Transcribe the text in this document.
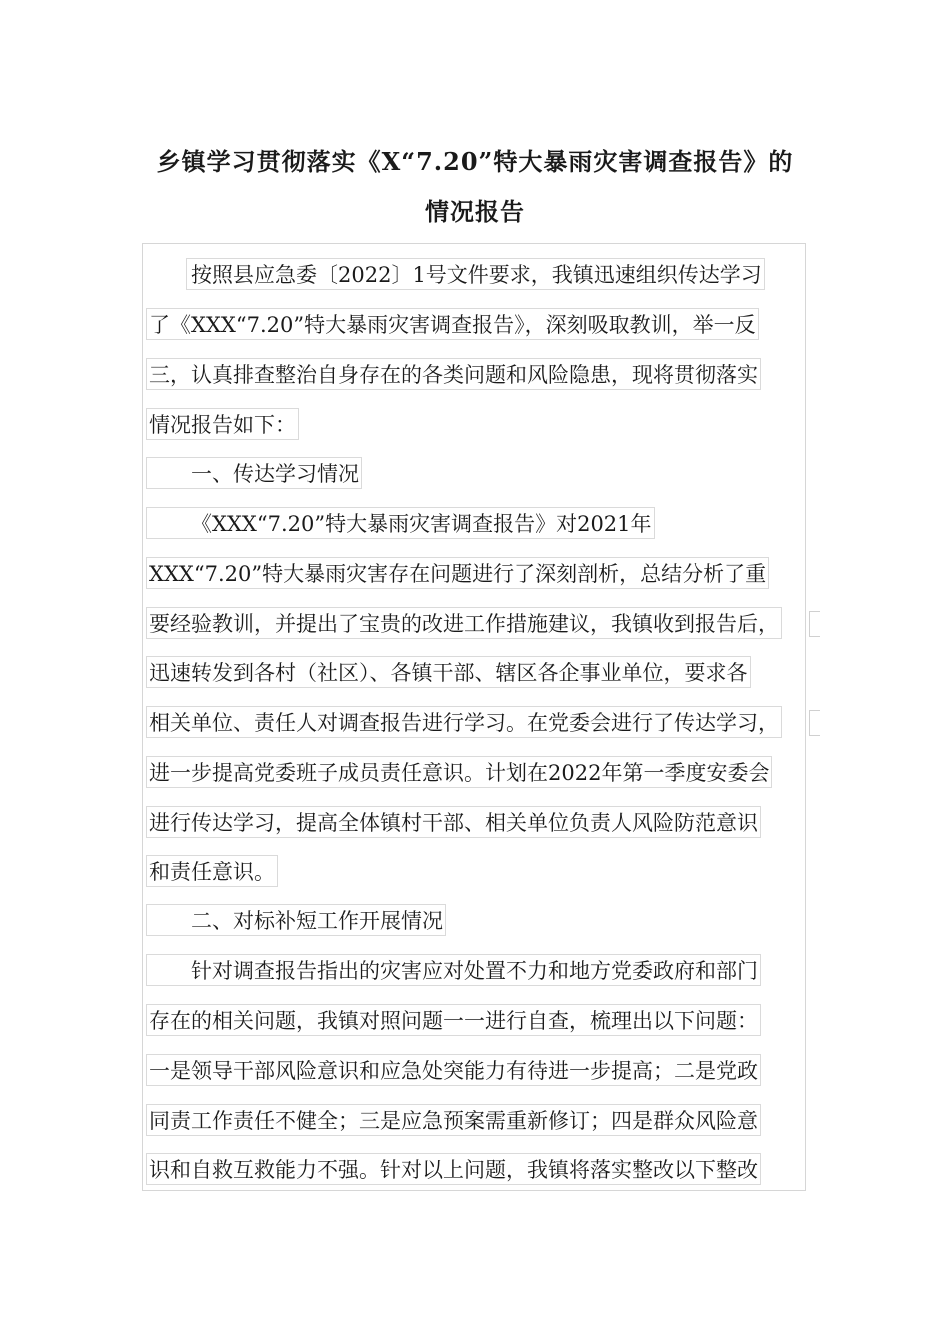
乡镇学习贯彻落实《X“7.20”特大暴雨灾害调查报告》的
情况报告
按照县应急委〔2022〕1号文件要求，我镇迅速组织传达学习
了《XXX“7.20”特大暴雨灾害调查报告》，深刻吸取教训，举一反
三，认真排查整治自身存在的各类问题和风险隐患，现将贯彻落实
情况报告如下：
一、传达学习情况
《XXX“7.20”特大暴雨灾害调查报告》对2021年
XXX“7.20”特大暴雨灾害存在问题进行了深刻剖析，总结分析了重
要经验教训，并提出了宝贵的改进工作措施建议，我镇收到报告后，
迅速转发到各村（社区）、各镇干部、辖区各企事业单位，要求各
相关单位、责任人对调查报告进行学习。在党委会进行了传达学习，
进一步提高党委班子成员责任意识。计划在2022年第一季度安委会
进行传达学习，提高全体镇村干部、相关单位负责人风险防范意识
和责任意识。
二、对标补短工作开展情况
针对调查报告指出的灾害应对处置不力和地方党委政府和部门
存在的相关问题，我镇对照问题一一进行自查，梳理出以下问题：
一是领导干部风险意识和应急处突能力有待进一步提高；二是党政
同责工作责任不健全；三是应急预案需重新修订；四是群众风险意
识和自救互救能力不强。针对以上问题，我镇将落实整改以下整改
